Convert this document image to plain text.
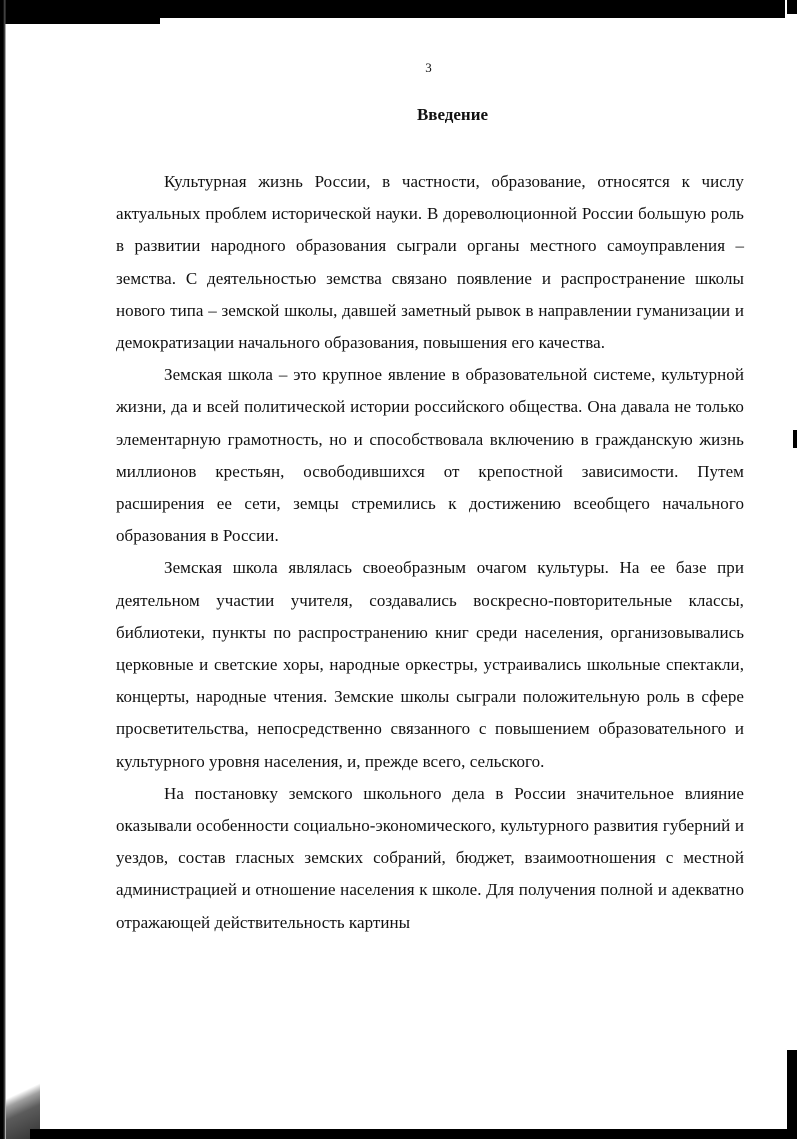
3
Введение

Культурная жизнь России, в частности, образование, относятся к числу актуальных проблем исторической науки. В дореволюционной России большую роль в развитии народного образования сыграли органы местного самоуправления – земства. С деятельностью земства связано появление и распространение школы нового типа – земской школы, давшей заметный рывок в направлении гуманизации и демократизации начального образования, повышения его качества.

Земская школа – это крупное явление в образовательной системе, культурной жизни, да и всей политической истории российского общества. Она давала не только элементарную грамотность, но и способствовала включению в гражданскую жизнь миллионов крестьян, освободившихся от крепостной зависимости. Путем расширения ее сети, земцы стремились к достижению всеобщего начального образования в России.

Земская школа являлась своеобразным очагом культуры. На ее базе при деятельном участии учителя, создавались воскресно-повторительные классы, библиотеки, пункты по распространению книг среди населения, организовывались церковные и светские хоры, народные оркестры, устраивались школьные спектакли, концерты, народные чтения. Земские школы сыграли положительную роль в сфере просветительства, непосредственно связанного с повышением образовательного и культурного уровня населения, и, прежде всего, сельского.

На постановку земского школьного дела в России значительное влияние оказывали особенности социально-экономического, культурного развития губерний и уездов, состав гласных земских собраний, бюджет, взаимоотношения с местной администрацией и отношение населения к школе. Для получения полной и адекватно отражающей действительность картины
